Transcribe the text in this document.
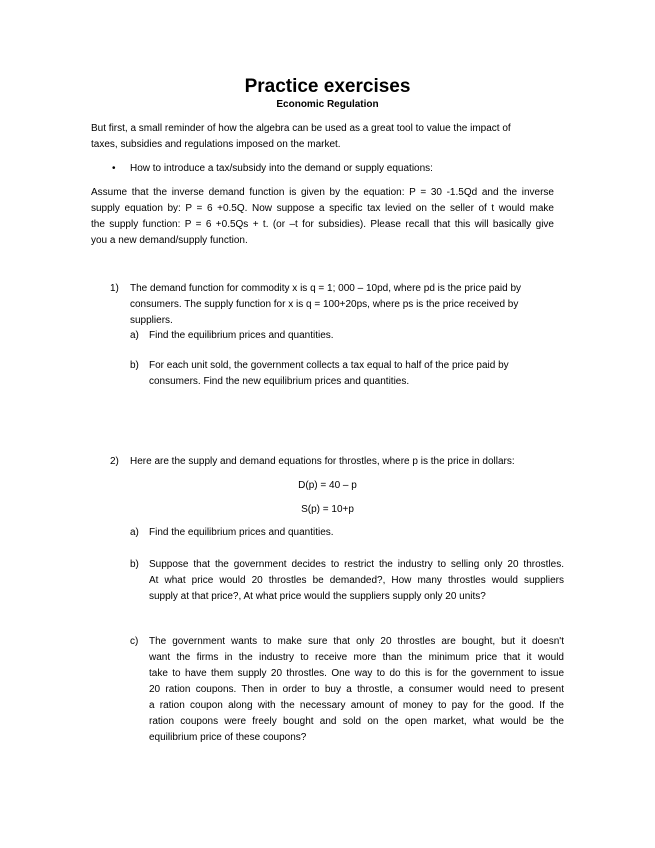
Practice exercises
Economic Regulation
But first, a small reminder of how the algebra can be used as a great tool to value the impact of
taxes, subsidies and regulations imposed on the market.
• How to introduce a tax/subsidy into the demand or supply equations:
Assume that the inverse demand function is given by the equation: P = 30 -1.5Qd and the inverse
supply equation by: P = 6 +0.5Q. Now suppose a specific tax levied on the seller of t would make
the supply function: P = 6 +0.5Qs + t. (or –t for subsidies). Please recall that this will basically give
you a new demand/supply function.
1) The demand function for commodity x is q = 1; 000 – 10pd, where pd is the price paid by
consumers. The supply function for x is q = 100+20ps, where ps is the price received by
suppliers.
a) Find the equilibrium prices and quantities.
b) For each unit sold, the government collects a tax equal to half of the price paid by
consumers. Find the new equilibrium prices and quantities.
2) Here are the supply and demand equations for throstles, where p is the price in dollars:
D(p) = 40 – p
S(p) = 10+p
a) Find the equilibrium prices and quantities.
b) Suppose that the government decides to restrict the industry to selling only 20 throstles.
At what price would 20 throstles be demanded?, How many throstles would suppliers
supply at that price?, At what price would the suppliers supply only 20 units?
c) The government wants to make sure that only 20 throstles are bought, but it doesn't
want the firms in the industry to receive more than the minimum price that it would
take to have them supply 20 throstles. One way to do this is for the government to issue
20 ration coupons. Then in order to buy a throstle, a consumer would need to present
a ration coupon along with the necessary amount of money to pay for the good. If the
ration coupons were freely bought and sold on the open market, what would be the
equilibrium price of these coupons?
